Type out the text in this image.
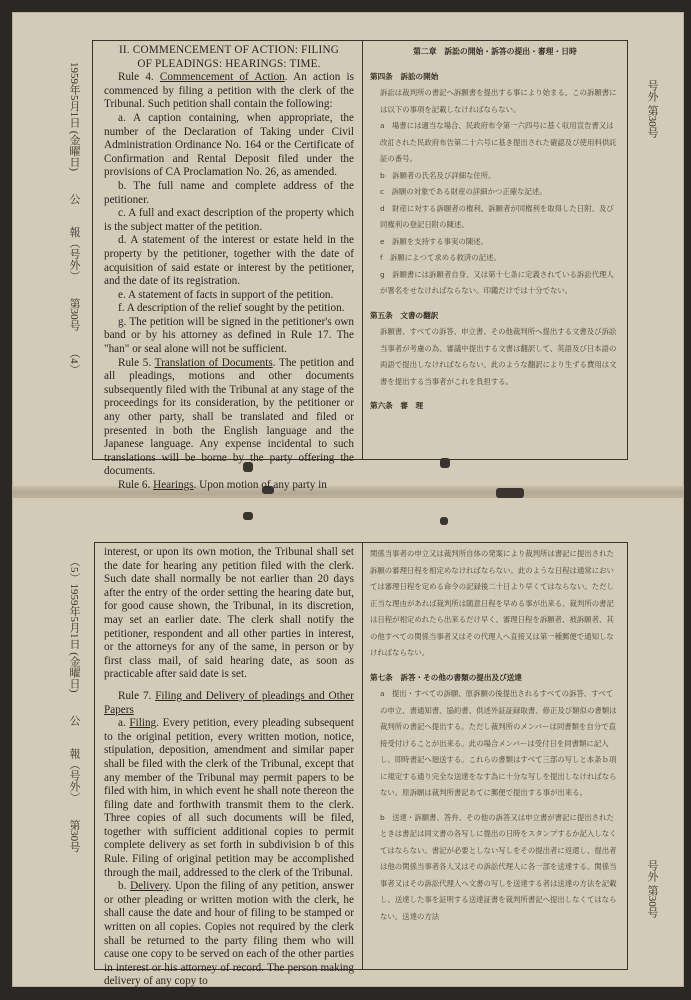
1959年5月1日 (金曜日)　　公　　報（号外）　　第30号　　（4）	号外 第30号

II. COMMENCEMENT OF ACTION: FILING

OF PLEADINGS: HEARINGS: TIME.

Rule 4. Commencement of Action. An action is commenced by filing a petition with the clerk of the Tribunal. Such petition shall contain the following:

a. A caption containing, when appropriate, the number of the Declaration of Taking under Civil Administration Ordinance No. 164 or the Certificate of Confirmation and Rental Deposit filed under the provisions of CA Proclamation No. 26, as amended.

b. The full name and complete address of the petitioner.

c. A full and exact description of the property which is the subject matter of the petition.

d. A statement of the interest or estate held in the property by the petitioner, together with the date of acquisition of said estate or interest by the petitioner, and the date of its registration.

e. A statement of facts in support of the petition.

f. A description of the relief sought by the petition.

g. The petition will be signed in the petitioner's own band or by his attorney as defined in Rule 17. The "han" or seal alone will not be sufficient.

Rule 5. Translation of Documents. The petition and all pleadings, motions and other documents subsequently filed with the Tribunal at any stage of the proceedings for its consideration, by the petitioner or any other party, shall be translated and filed or presented in both the English language and the Japanese language. Any expense incidental to such translations will be borne by the party offering the documents.

Rule 6. Hearings. Upon motion of any party in

第二章　訴訟の開始・訴答の提出・審理・日時

第四条　訴訟の開始

訴訟は裁判所の書記へ訴願書を提出する事により始まる。この訴願書には以下の事項を記載しなければならない。

a　場書には適当な場合、民政府布令第一六四号に基く収用宣告書又は改訂された民政府布告第二十六号に基き提出された確認及び使用料供託証の番号。

b　訴願者の氏名及び詳細な住所。

c　訴願の対象である財産の詳細かつ正確な記述。

d　財産に対する訴願者の権利、訴願者が同権利を取得した日附、及び同権利の登記日附の陳述。

e　訴願を支持する事実の陳述。

f　訴願によつて求める救済の記述。

g　訴願書には訴願者自身、又は第十七条に定義されている訴訟代理人が署名をせなければならない。印鑑だけでは十分でない。

第五条　文書の翻訳

訴願書、すべての訴答、申立書、その他裁判所へ提出する文書及び訴訟当事者が考慮の為、審議中提出する文書は翻訳して、英語及び日本語の両語で提出しなければならない。此のような翻訳により生ずる費用は文書を提出する当事者がこれを負担する。

第六条　審　理

（5）1959年5月1日 (金曜日)　　公　　報（号外）　　第30号
号外 第30号

interest, or upon its own motion, the Tribunal shall set the date for hearing any petition filed with the clerk. Such date shall normally be not earlier than 20 days after the entry of the order setting the hearing date but, for good cause shown, the Tribunal, in its discretion, may set an earlier date. The clerk shall notify the petitioner, respondent and all other parties in interest, or the attorneys for any of the same, in person or by first class mail, of said hearing date, as soon as practicable after said date is set.

Rule 7. Filing and Delivery of pleadings and Other Papers

a. Filing. Every petition, every pleading subsequent to the original petition, every written motion, notice, stipulation, deposition, amendment and similar paper shall be filed with the clerk of the Tribunal, except that any member of the Tribunal may permit papers to be filed with him, in which event he shall note thereon the filing date and forthwith transmit them to the clerk. Three copies of all such documents will be filed, together with sufficient additional copies to permit complete delivery as set forth in subdivision b of this Rule. Filing of original petition may be accomplished through the mail, addressed to the clerk of the Tribunal.

b. Delivery. Upon the filing of any petition, answer or other pleading or written motion with the clerk, he shall cause the date and hour of filing to be stamped or written on all copies. Copies not required by the clerk shall be returned to the party filing them who will cause one copy to be served on each of the other parties in interest or his attorney of record. The person making delivery of any copy to

関係当事者の申立又は裁判所自体の発案により裁判所は書記に提出された訴願の審理日程を相定めなければならない。此のような日程は通常においては審理日程を定める命令の記録後二十日より早くてはならない。ただし正当な理由があれば裁判所は随意日程を早める事が出来る。裁判所の書記は日程が相定めれたら出来るだけ早く、審理日程を訴願者、被訴願者、其の他すべての関係当事者又はその代理人へ直接又は第一種郵便で通知しなければならない。

第七条　訴答・その他の書類の提出及び送達

a　提出・すべての訴願、原訴願の後提出されるすべての訴答、すべての申立、書通知書、協約書、供述外証証録取書、修正及び類似の書類は裁判所の書記へ提出する。ただし裁判所のメンバーは同書類を自分で直接受付けることが出来る。此の場合メンバーは受付日を同書類に記入し、即時書記へ廻送する。これらの書類はすべて三部の写しと本条ｂ項に規定する通り完全な送達をなす為に十分な写しを提出しなければならない。原訴願は裁判所書記あてに郵便で提出する事が出来る。

b　送達・訴願書、答弁、その他の訴答又は申立書が書記に提出されたときは書記は同文書の各写しに提出の日時をスタンプするか記入しなくてはならない。書記が必要としない写しをその提出者に返還し、提出者は他の関係当事者各人又はその訴訟代理人に各一部を送達する。関係当事者又はその訴訟代理人へ文書の写しを送達する者は送達の方法を記載し、送達した事を証明する送達証書を裁判所書記へ提出しなくてはならない。送達の方法
